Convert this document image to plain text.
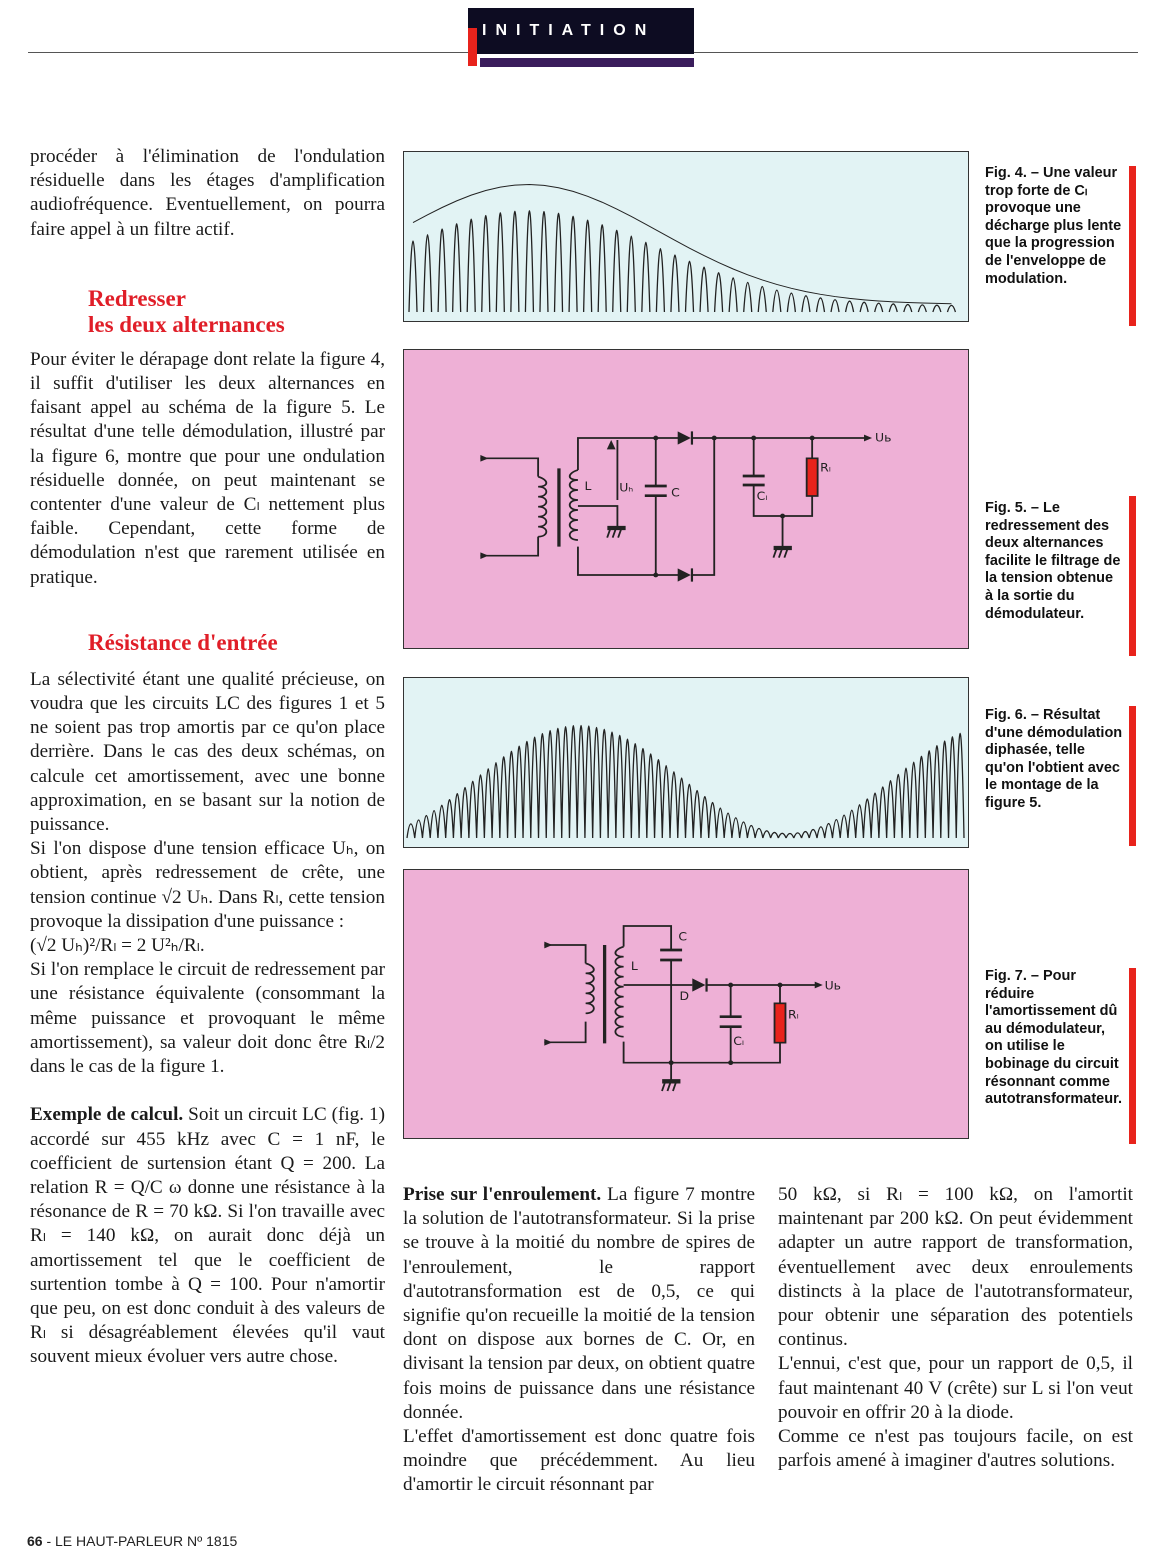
INITIATION

procéder à l'élimination de l'ondulation résiduelle dans les étages d'amplification audiofréquence. Eventuellement, on pourra faire appel à un filtre actif.

Redresser
les deux alternances

Pour éviter le dérapage dont relate la figure 4, il suffit d'utiliser les deux alternances en faisant appel au schéma de la figure 5. Le résultat d'une telle démodulation, illustré par la figure 6, montre que pour une ondulation résiduelle donnée, on peut maintenant se contenter d'une valeur de Cₗ nettement plus faible. Cependant, cette forme de démodulation n'est que rarement utilisée en pratique.

Résistance d'entrée

La sélectivité étant une qualité précieuse, on voudra que les circuits LC des figures 1 et 5 ne soient pas trop amortis par ce qu'on place derrière. Dans le cas des deux schémas, on calcule cet amortissement, avec une bonne approximation, en se basant sur la notion de puissance.

Si l'on dispose d'une tension efficace Uₕ, on obtient, après redressement de crête, une tension continue √2 Uₕ. Dans Rₗ, cette tension provoque la dissipation d'une puissance :

(√2 Uₕ)²/Rₗ = 2 U²ₕ/Rₗ.

Si l'on remplace le circuit de redressement par une résistance équivalente (consommant la même puissance et provoquant le même amortissement), sa valeur doit donc être Rₗ/2 dans le cas de la figure 1.

Exemple de calcul. Soit un circuit LC (fig. 1) accordé sur 455 kHz avec C = 1 nF, le coefficient de surtension étant Q = 200. La relation R = Q/C ω donne une résistance à la résonance de R = 70 kΩ. Si l'on travaille avec Rₗ = 140 kΩ, on aurait donc déjà un amortissement tel que le coefficient de surtention tombe à Q = 100. Pour n'amortir que peu, on est donc conduit à des valeurs de Rₗ si désagréablement élevées qu'il vaut souvent mieux évoluer vers autre chose.

Prise sur l'enroulement. La figure 7 montre la solution de l'autotransformateur. Si la prise se trouve à la moitié du nombre de spires de l'enroulement, le rapport d'autotransformation est de 0,5, ce qui signifie qu'on recueille la moitié de la tension dont on dispose aux bornes de C. Or, en divisant la tension par deux, on obtient quatre fois moins de puissance dans une résistance donnée.

L'effet d'amortissement est donc quatre fois moindre que précédemment. Au lieu d'amortir le circuit résonnant par

50 kΩ, si Rₗ = 100 kΩ, on l'amortit maintenant par 200 kΩ. On peut évidemment adapter un autre rapport de transformation, éventuellement avec deux enroulements distincts à la place de l'autotransformateur, pour obtenir une séparation des potentiels continus.

L'ennui, c'est que, pour un rapport de 0,5, il faut maintenant 40 V (crête) sur L si l'on veut pouvoir en offrir 20 à la diode.

Comme ce n'est pas toujours facile, on est parfois amené à imaginer d'autres solutions.

Fig. 4. – Une valeur trop forte de Cₗ provoque une décharge plus lente que la progression de l'enveloppe de modulation.
L Uₕ C Cₗ
Rₗ
Uь
Fig. 5. – Le redressement des deux alternances facilite le filtrage de la tension obtenue à la sortie du démodulateur.
Fig. 6. – Résultat d'une démodulation diphasée, telle qu'on l'obtient avec le montage de la figure 5.
C
L
D
Cₗ
Rₗ
Uь
Fig. 7. – Pour réduire l'amortissement dû au démodulateur, on utilise le bobinage du circuit résonnant comme autotransformateur.
66 - LE HAUT-PARLEUR Nº 1815
